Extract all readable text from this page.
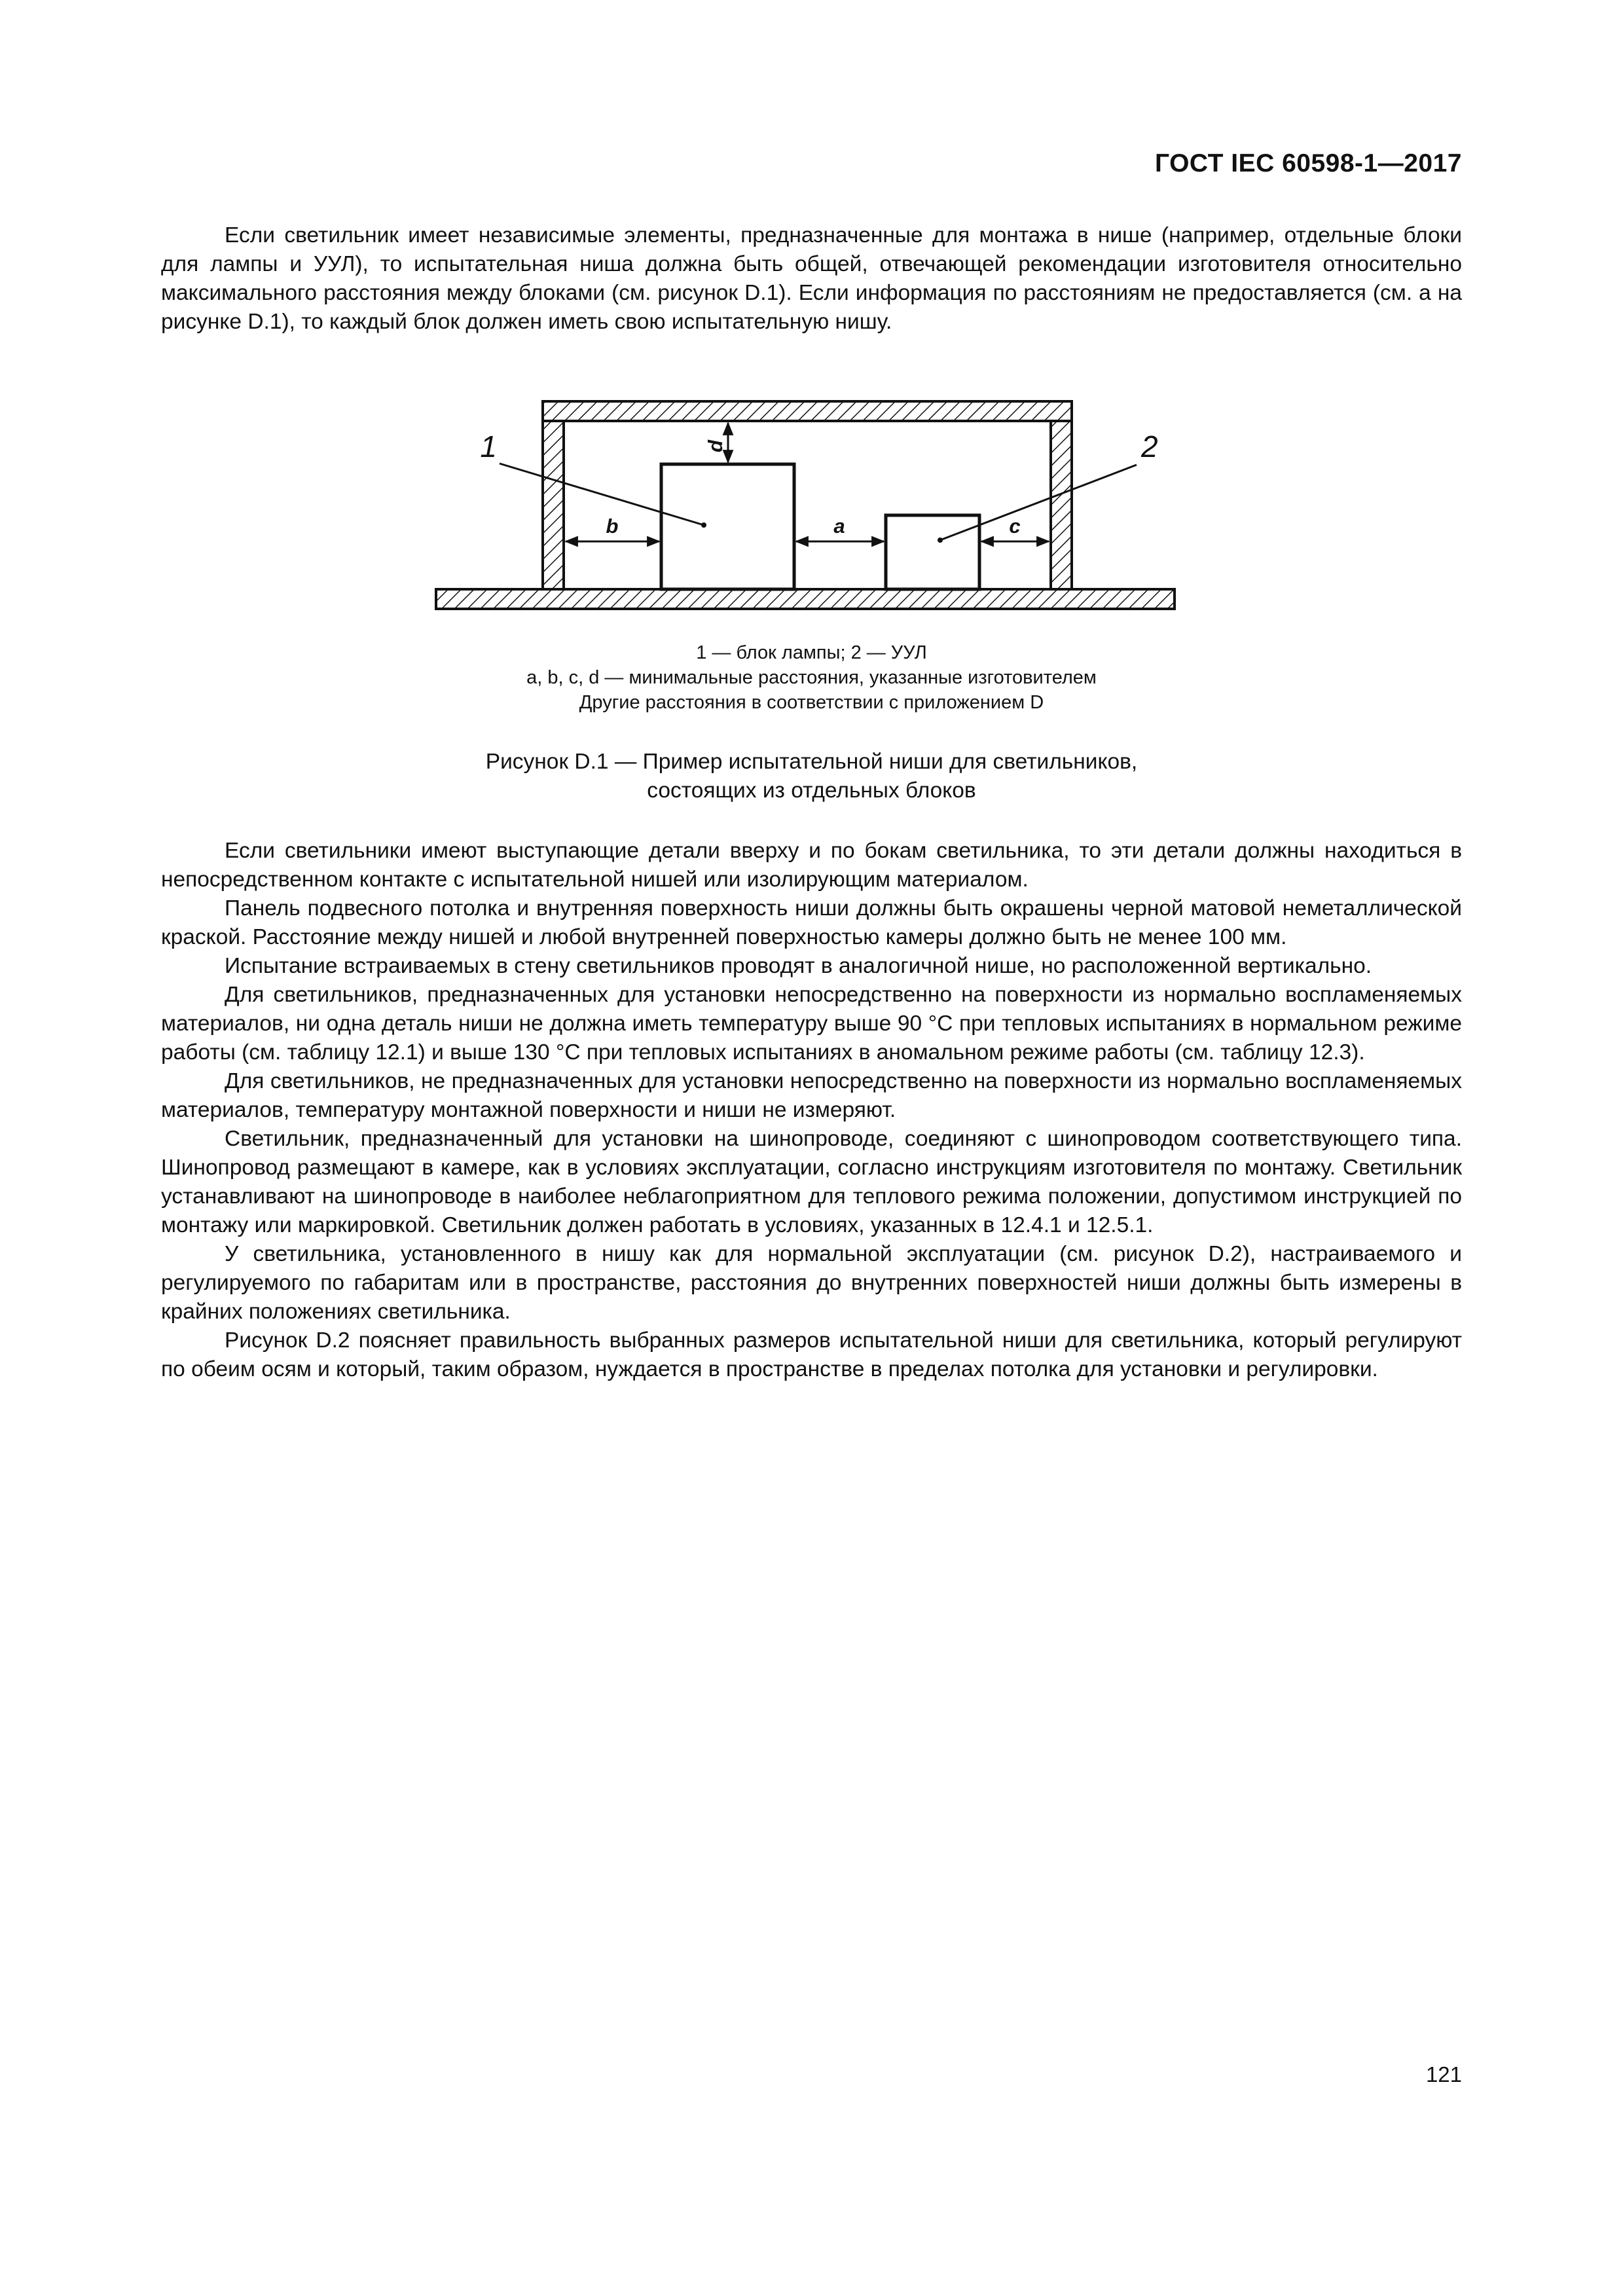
ГОСТ IEC 60598-1—2017

Если светильник имеет независимые элементы, предназначенные для монтажа в нише (например, отдельные блоки для лампы и УУЛ), то испытательная ниша должна быть общей, отвечающей рекомендации изготовителя относительно максимального расстояния между блоками (см. рисунок D.1). Если информация по расстояниям не предоставляется (см. a на рисунке D.1), то каждый блок должен иметь свою испытательную нишу.

1	2
d
b	a	c
1 — блок лампы; 2 — УУЛ
a, b, c, d — минимальные расстояния, указанные изготовителем
Другие расстояния в соответствии с приложением D
Рисунок D.1 — Пример испытательной ниши для светильников,
состоящих из отдельных блоков

Если светильники имеют выступающие детали вверху и по бокам светильника, то эти детали должны находиться в непосредственном контакте с испытательной нишей или изолирующим материалом.

Панель подвесного потолка и внутренняя поверхность ниши должны быть окрашены черной матовой неметаллической краской. Расстояние между нишей и любой внутренней поверхностью камеры должно быть не менее 100 мм.

Испытание встраиваемых в стену светильников проводят в аналогичной нише, но расположенной вертикально.

Для светильников, предназначенных для установки непосредственно на поверхности из нормально воспламеняемых материалов, ни одна деталь ниши не должна иметь температуру выше 90 °С при тепловых испытаниях в нормальном режиме работы (см. таблицу 12.1) и выше 130 °С при тепловых испытаниях в аномальном режиме работы (см. таблицу 12.3).

Для светильников, не предназначенных для установки непосредственно на поверхности из нормально воспламеняемых материалов, температуру монтажной поверхности и ниши не измеряют.

Светильник, предназначенный для установки на шинопроводе, соединяют с шинопроводом соответствующего типа. Шинопровод размещают в камере, как в условиях эксплуатации, согласно инструкциям изготовителя по монтажу. Светильник устанавливают на шинопроводе в наиболее неблагоприятном для теплового режима положении, допустимом инструкцией по монтажу или маркировкой. Светильник должен работать в условиях, указанных в 12.4.1 и 12.5.1.

У светильника, установленного в нишу как для нормальной эксплуатации (см. рисунок D.2), настраиваемого и регулируемого по габаритам или в пространстве, расстояния до внутренних поверхностей ниши должны быть измерены в крайних положениях светильника.

Рисунок D.2 поясняет правильность выбранных размеров испытательной ниши для светильника, который регулируют по обеим осям и который, таким образом, нуждается в пространстве в пределах потолка для установки и регулировки.

121
